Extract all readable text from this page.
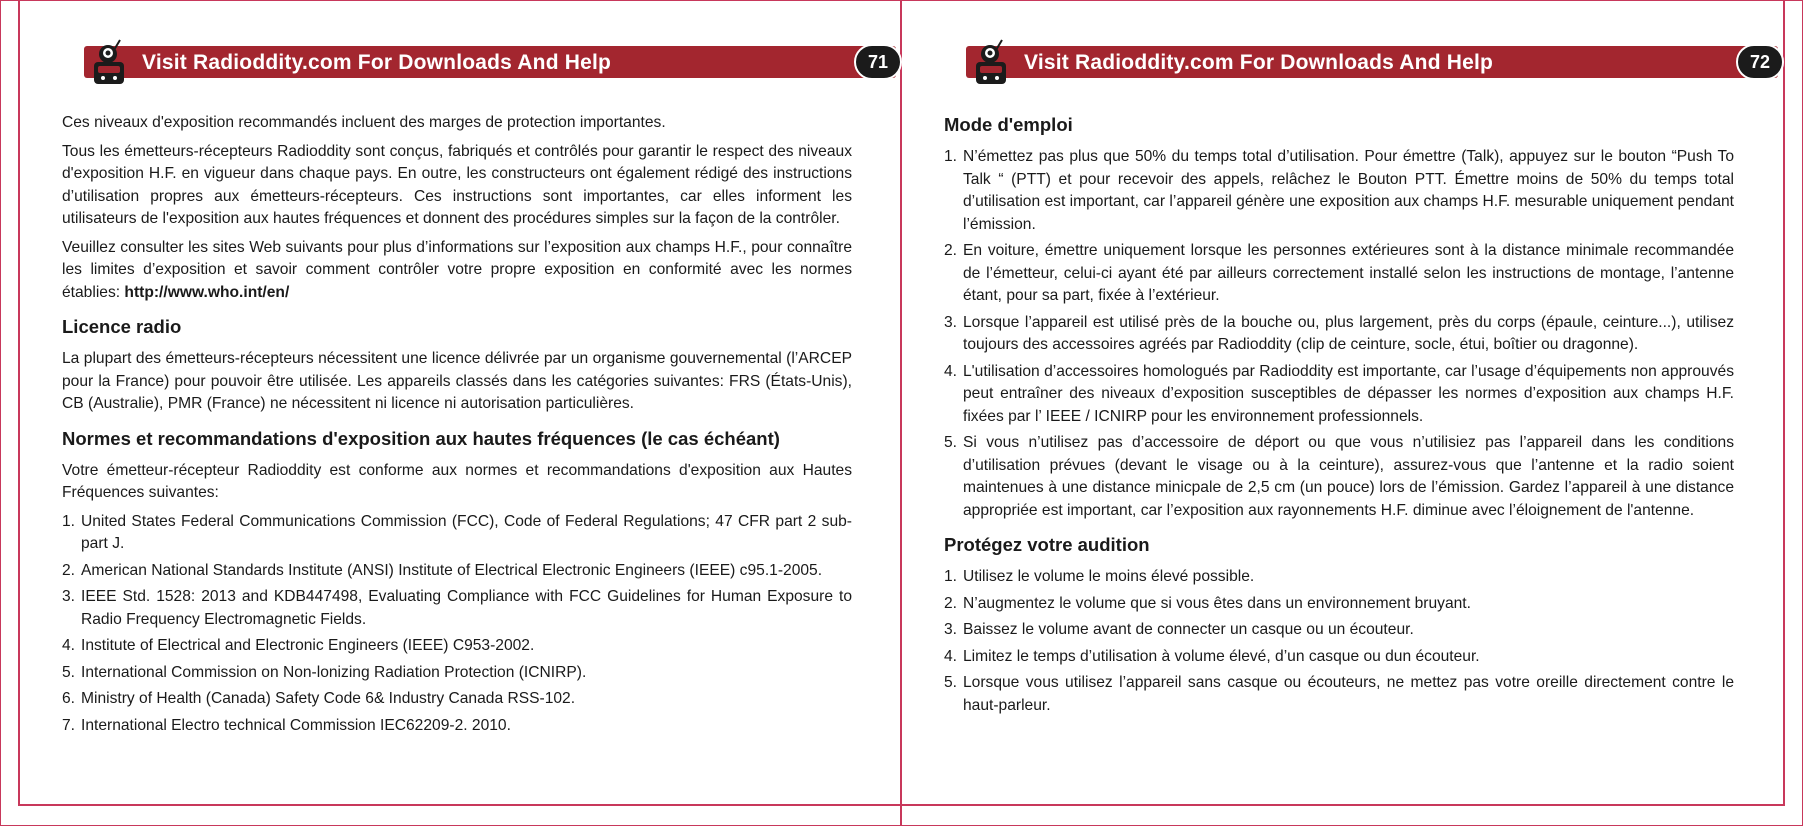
Visit Radioddity.com For Downloads And Help	71

Ces niveaux d'exposition recommandés incluent des marges de protection importantes.

Tous les émetteurs-récepteurs Radioddity sont conçus, fabriqués et contrôlés pour garantir le respect des niveaux d'exposition H.F. en vigueur dans chaque pays. En outre, les constructeurs ont également rédigé des instructions d’utilisation propres aux émetteurs-récepteurs. Ces instructions sont importantes, car elles informent les utilisateurs de l'exposition aux hautes fréquences et donnent des procédures simples sur la façon de la contrôler.

Veuillez consulter les sites Web suivants pour plus d’informations sur l’exposition aux champs H.F., pour connaître les limites d’exposition et savoir comment contrôler votre propre exposition en conformité avec les normes établies: http://www.who.int/en/

Licence radio

La plupart des émetteurs-récepteurs nécessitent une licence délivrée par un organisme gouvernemental (l’ARCEP pour la France) pour pouvoir être utilisée. Les appareils classés dans les catégories suivantes: FRS (États-Unis), CB (Australie), PMR (France) ne nécessitent ni licence ni autorisation particulières.

Normes et recommandations d'exposition aux hautes fréquences (le cas échéant)

Votre émetteur-récepteur Radioddity est conforme aux normes et recommandations d'exposition aux Hautes Fréquences suivantes:

1. United States Federal Communications Commission (FCC), Code of Federal Regulations; 47 CFR part 2 sub-part J.
2. American National Standards Institute (ANSI) Institute of Electrical Electronic Engineers (IEEE) c95.1-2005.
3. IEEE Std. 1528: 2013 and KDB447498, Evaluating Compliance with FCC Guidelines for Human Exposure to Radio Frequency Electromagnetic Fields.
4. Institute of Electrical and Electronic Engineers (IEEE) C953-2002.
5. International Commission on Non-lonizing Radiation Protection (ICNIRP).
6. Ministry of Health (Canada) Safety Code 6& Industry Canada RSS-102.
7. International Electro technical Commission IEC62209-2. 2010.
Visit Radioddity.com For Downloads And Help	72
Mode d'emploi
1. N’émettez pas plus que 50% du temps total d’utilisation. Pour émettre (Talk), appuyez sur le bouton “Push To Talk “ (PTT) et pour recevoir des appels, relâchez le Bouton PTT. Émettre moins de 50% du temps total d’utilisation est important, car l’appareil génère une exposition aux champs H.F. mesurable uniquement pendant l’émission.
2. En voiture, émettre uniquement lorsque les personnes extérieures sont à la distance minimale recommandée de l’émetteur, celui-ci ayant été par ailleurs correctement installé selon les instructions de montage, l’antenne étant, pour sa part, fixée à l’extérieur.
3. Lorsque l’appareil est utilisé près de la bouche ou, plus largement, près du corps (épaule, ceinture...), utilisez toujours des accessoires agréés par Radioddity (clip de ceinture, socle, étui, boîtier ou dragonne).
4. L'utilisation d’accessoires homologués par Radioddity est importante, car l’usage d’équipements non approuvés peut entraîner des niveaux d’exposition susceptibles de dépasser les normes d’exposition aux champs H.F. fixées par l’ IEEE / ICNIRP pour les environnement professionnels.
5. Si vous n’utilisez pas d’accessoire de déport ou que vous n’utilisiez pas l’appareil dans les conditions d’utilisation prévues (devant le visage ou à la ceinture), assurez-vous que l’antenne et la radio soient maintenues à une distance minicpale de 2,5 cm (un pouce) lors de l’émission. Gardez l’appareil à une distance appropriée est important, car l’exposition aux rayonnements H.F. diminue avec l’éloignement de l'antenne.
Protégez votre audition
1. Utilisez le volume le moins élevé possible.
2. N’augmentez le volume que si vous êtes dans un environnement bruyant.
3. Baissez le volume avant de connecter un casque ou un écouteur.
4. Limitez le temps d’utilisation à volume élevé, d’un casque ou dun écouteur.
5. Lorsque vous utilisez l’appareil sans casque ou écouteurs, ne mettez pas votre oreille directement contre le haut-parleur.
